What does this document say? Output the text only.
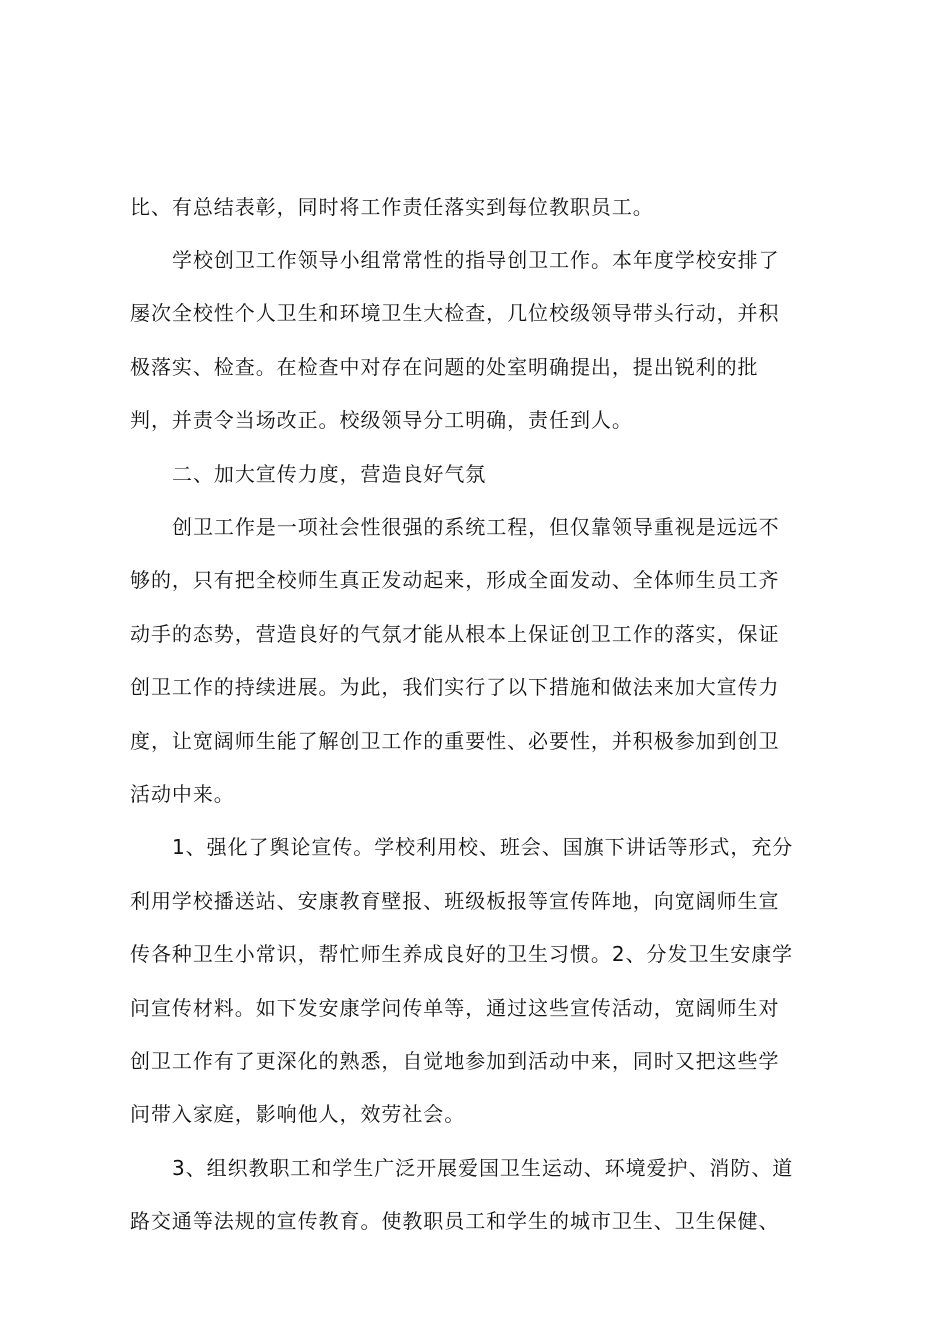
比、有总结表彰，同时将工作责任落实到每位教职员工。

学校创卫工作领导小组常常性的指导创卫工作。本年度学校安排了

屡次全校性个人卫生和环境卫生大检查，几位校级领导带头行动，并积

极落实、检查。在检查中对存在问题的处室明确提出，提出锐利的批

判，并责令当场改正。校级领导分工明确，责任到人。

二、加大宣传力度，营造良好气氛

创卫工作是一项社会性很强的系统工程，但仅靠领导重视是远远不

够的，只有把全校师生真正发动起来，形成全面发动、全体师生员工齐

动手的态势，营造良好的气氛才能从根本上保证创卫工作的落实，保证

创卫工作的持续进展。为此，我们实行了以下措施和做法来加大宣传力

度，让宽阔师生能了解创卫工作的重要性、必要性，并积极参加到创卫

活动中来。

1、强化了舆论宣传。学校利用校、班会、国旗下讲话等形式，充分

利用学校播送站、安康教育壁报、班级板报等宣传阵地，向宽阔师生宣

传各种卫生小常识，帮忙师生养成良好的卫生习惯。2、分发卫生安康学

问宣传材料。如下发安康学问传单等，通过这些宣传活动，宽阔师生对

创卫工作有了更深化的熟悉，自觉地参加到活动中来，同时又把这些学

问带入家庭，影响他人，效劳社会。

3、组织教职工和学生广泛开展爱国卫生运动、环境爱护、消防、道

路交通等法规的宣传教育。使教职员工和学生的城市卫生、卫生保健、
